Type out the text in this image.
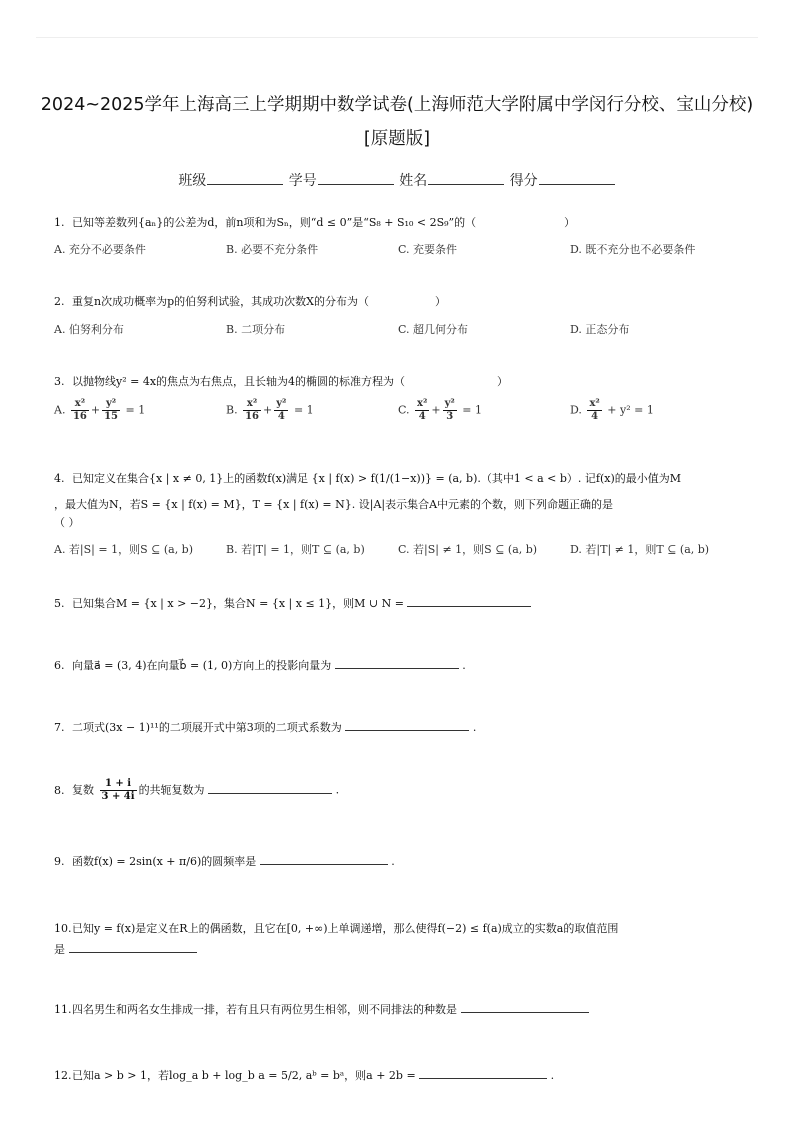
2024~2025学年上海高三上学期期中数学试卷(上海师范大学附属中学闵行分校、宝山分校)[原题版]
班级	学号	姓名	得分
1. 已知等差数列{aₙ}的公差为d，前n项和为Sₙ，则“d ≤ 0”是“S₈ + S₁₀ < 2S₉”的（	）
A. 充分不必要条件	B. 必要不充分条件	C. 充要条件	D. 既不充分也不必要条件
2. 重复n次成功概率为p的伯努利试验，其成功次数X的分布为（	）
A. 伯努利分布	B. 二项分布	C. 超几何分布	D. 正态分布
3. 以抛物线y² = 4x的焦点为右焦点，且长轴为4的椭圆的标准方程为（	）
A. $\frac{\text{x²}}{16} + \frac{\text{y²}}{15} = 1$	B. $\frac{\text{x²}}{16} + \frac{\text{y²}}{4} = 1$	C. $\frac{\text{x²}}{4} + \frac{\text{y²}}{3} = 1$	D. $\frac{\text{x²}}{4} + y^2 = 1$
4. 已知定义在集合{x | x ≠ 0, 1}上的函数f(x)满足 {x | f(x) > f(1/(1−x))} = (a, b).（其中1 < a < b）. 记f(x)的最小值为M
，最大值为N，若S = {x | f(x) = M}，T = {x | f(x) = N}. 设|A|表示集合A中元素的个数，则下列命题正确的是
（ ）
A. 若|S| = 1，则S ⊆ (a, b)	B. 若|T| = 1，则T ⊆ (a, b)	C. 若|S| ≠ 1，则S ⊆ (a, b)	D. 若|T| ≠ 1，则T ⊆ (a, b)
5. 已知集合M = {x | x > −2}，集合N = {x | x ≤ 1}，则M ∪ N =
6. 向量a⃗ = (3, 4)在向量b⃗ = (1, 0)方向上的投影向量为	.
7. 二项式(3x − 1)¹¹的二项展开式中第3项的二项式系数为	.
8. 复数 $\frac{1 + i}{3 + 4i}$ 的共轭复数为	.
9. 函数f(x) = 2sin(x + π/6)的圆频率是	.
10.已知y = f(x)是定义在R上的偶函数，且它在[0, +∞)上单调递增，那么使得f(−2) ≤ f(a)成立的实数a的取值范围
是
11.四名男生和两名女生排成一排，若有且只有两位男生相邻，则不同排法的种数是
12.已知a > b > 1，若log_a b + log_b a = 5/2, aᵇ = bᵃ，则a + 2b =	.
